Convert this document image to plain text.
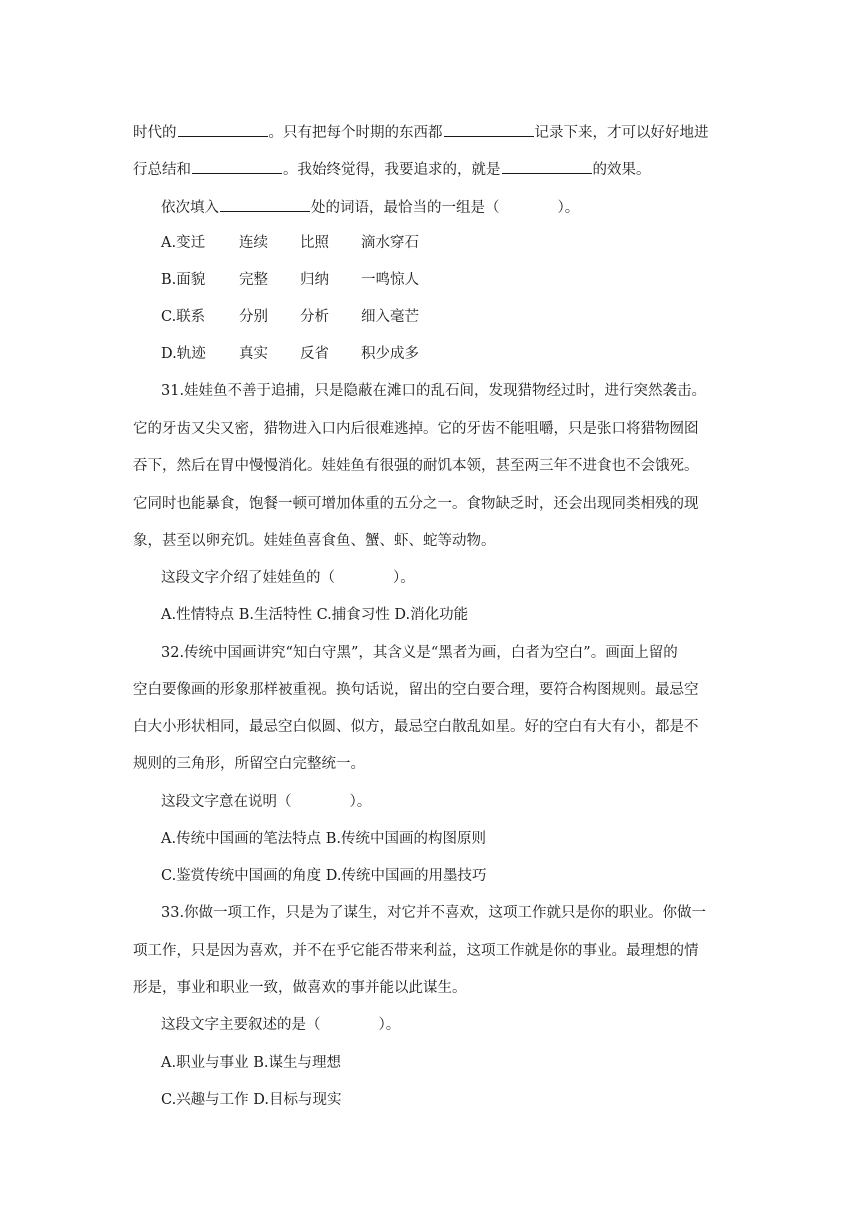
时代的	。只有把每个时期的东西都	记录下来，才可以好好地进
行总结和	。我始终觉得，我要追求的，就是	的效果。
依次填入	处的词语，最恰当的一组是（　　　　）。
A.变迁 连续 比照 滴水穿石
B.面貌 完整 归纳 一鸣惊人
C.联系 分别 分析 细入毫芒
D.轨迹 真实 反省 积少成多
31.娃娃鱼不善于追捕，只是隐蔽在滩口的乱石间，发现猎物经过时，进行突然袭击。
它的牙齿又尖又密，猎物进入口内后很难逃掉。它的牙齿不能咀嚼，只是张口将猎物囫囵
吞下，然后在胃中慢慢消化。娃娃鱼有很强的耐饥本领，甚至两三年不进食也不会饿死。
它同时也能暴食，饱餐一顿可增加体重的五分之一。食物缺乏时，还会出现同类相残的现
象，甚至以卵充饥。娃娃鱼喜食鱼、蟹、虾、蛇等动物。
这段文字介绍了娃娃鱼的（　　　　）。
A.性情特点 B.生活特性 C.捕食习性 D.消化功能
32.传统中国画讲究“知白守黑”，其含义是“黑者为画，白者为空白”。画面上留的
空白要像画的形象那样被重视。换句话说，留出的空白要合理，要符合构图规则。最忌空
白大小形状相同，最忌空白似圆、似方，最忌空白散乱如星。好的空白有大有小，都是不
规则的三角形，所留空白完整统一。
这段文字意在说明（　　　　）。
A.传统中国画的笔法特点 B.传统中国画的构图原则
C.鉴赏传统中国画的角度 D.传统中国画的用墨技巧
33.你做一项工作，只是为了谋生，对它并不喜欢，这项工作就只是你的职业。你做一
项工作，只是因为喜欢，并不在乎它能否带来利益，这项工作就是你的事业。最理想的情
形是，事业和职业一致，做喜欢的事并能以此谋生。
这段文字主要叙述的是（　　　　）。
A.职业与事业 B.谋生与理想
C.兴趣与工作 D.目标与现实
